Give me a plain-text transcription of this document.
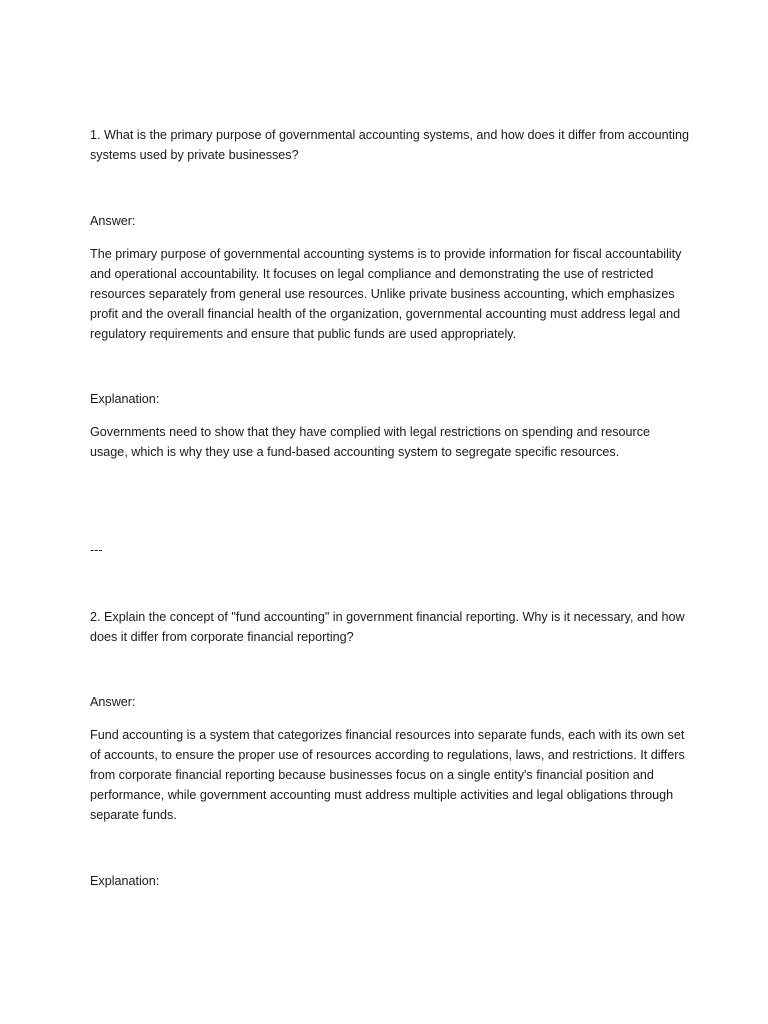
1. What is the primary purpose of governmental accounting systems, and how does it differ from accounting systems used by private businesses?

Answer:

The primary purpose of governmental accounting systems is to provide information for fiscal accountability and operational accountability. It focuses on legal compliance and demonstrating the use of restricted resources separately from general use resources. Unlike private business accounting, which emphasizes profit and the overall financial health of the organization, governmental accounting must address legal and regulatory requirements and ensure that public funds are used appropriately.

Explanation:

Governments need to show that they have complied with legal restrictions on spending and resource usage, which is why they use a fund-based accounting system to segregate specific resources.

---

2. Explain the concept of "fund accounting" in government financial reporting. Why is it necessary, and how does it differ from corporate financial reporting?

Answer:

Fund accounting is a system that categorizes financial resources into separate funds, each with its own set of accounts, to ensure the proper use of resources according to regulations, laws, and restrictions. It differs from corporate financial reporting because businesses focus on a single entity's financial position and performance, while government accounting must address multiple activities and legal obligations through separate funds.

Explanation:
